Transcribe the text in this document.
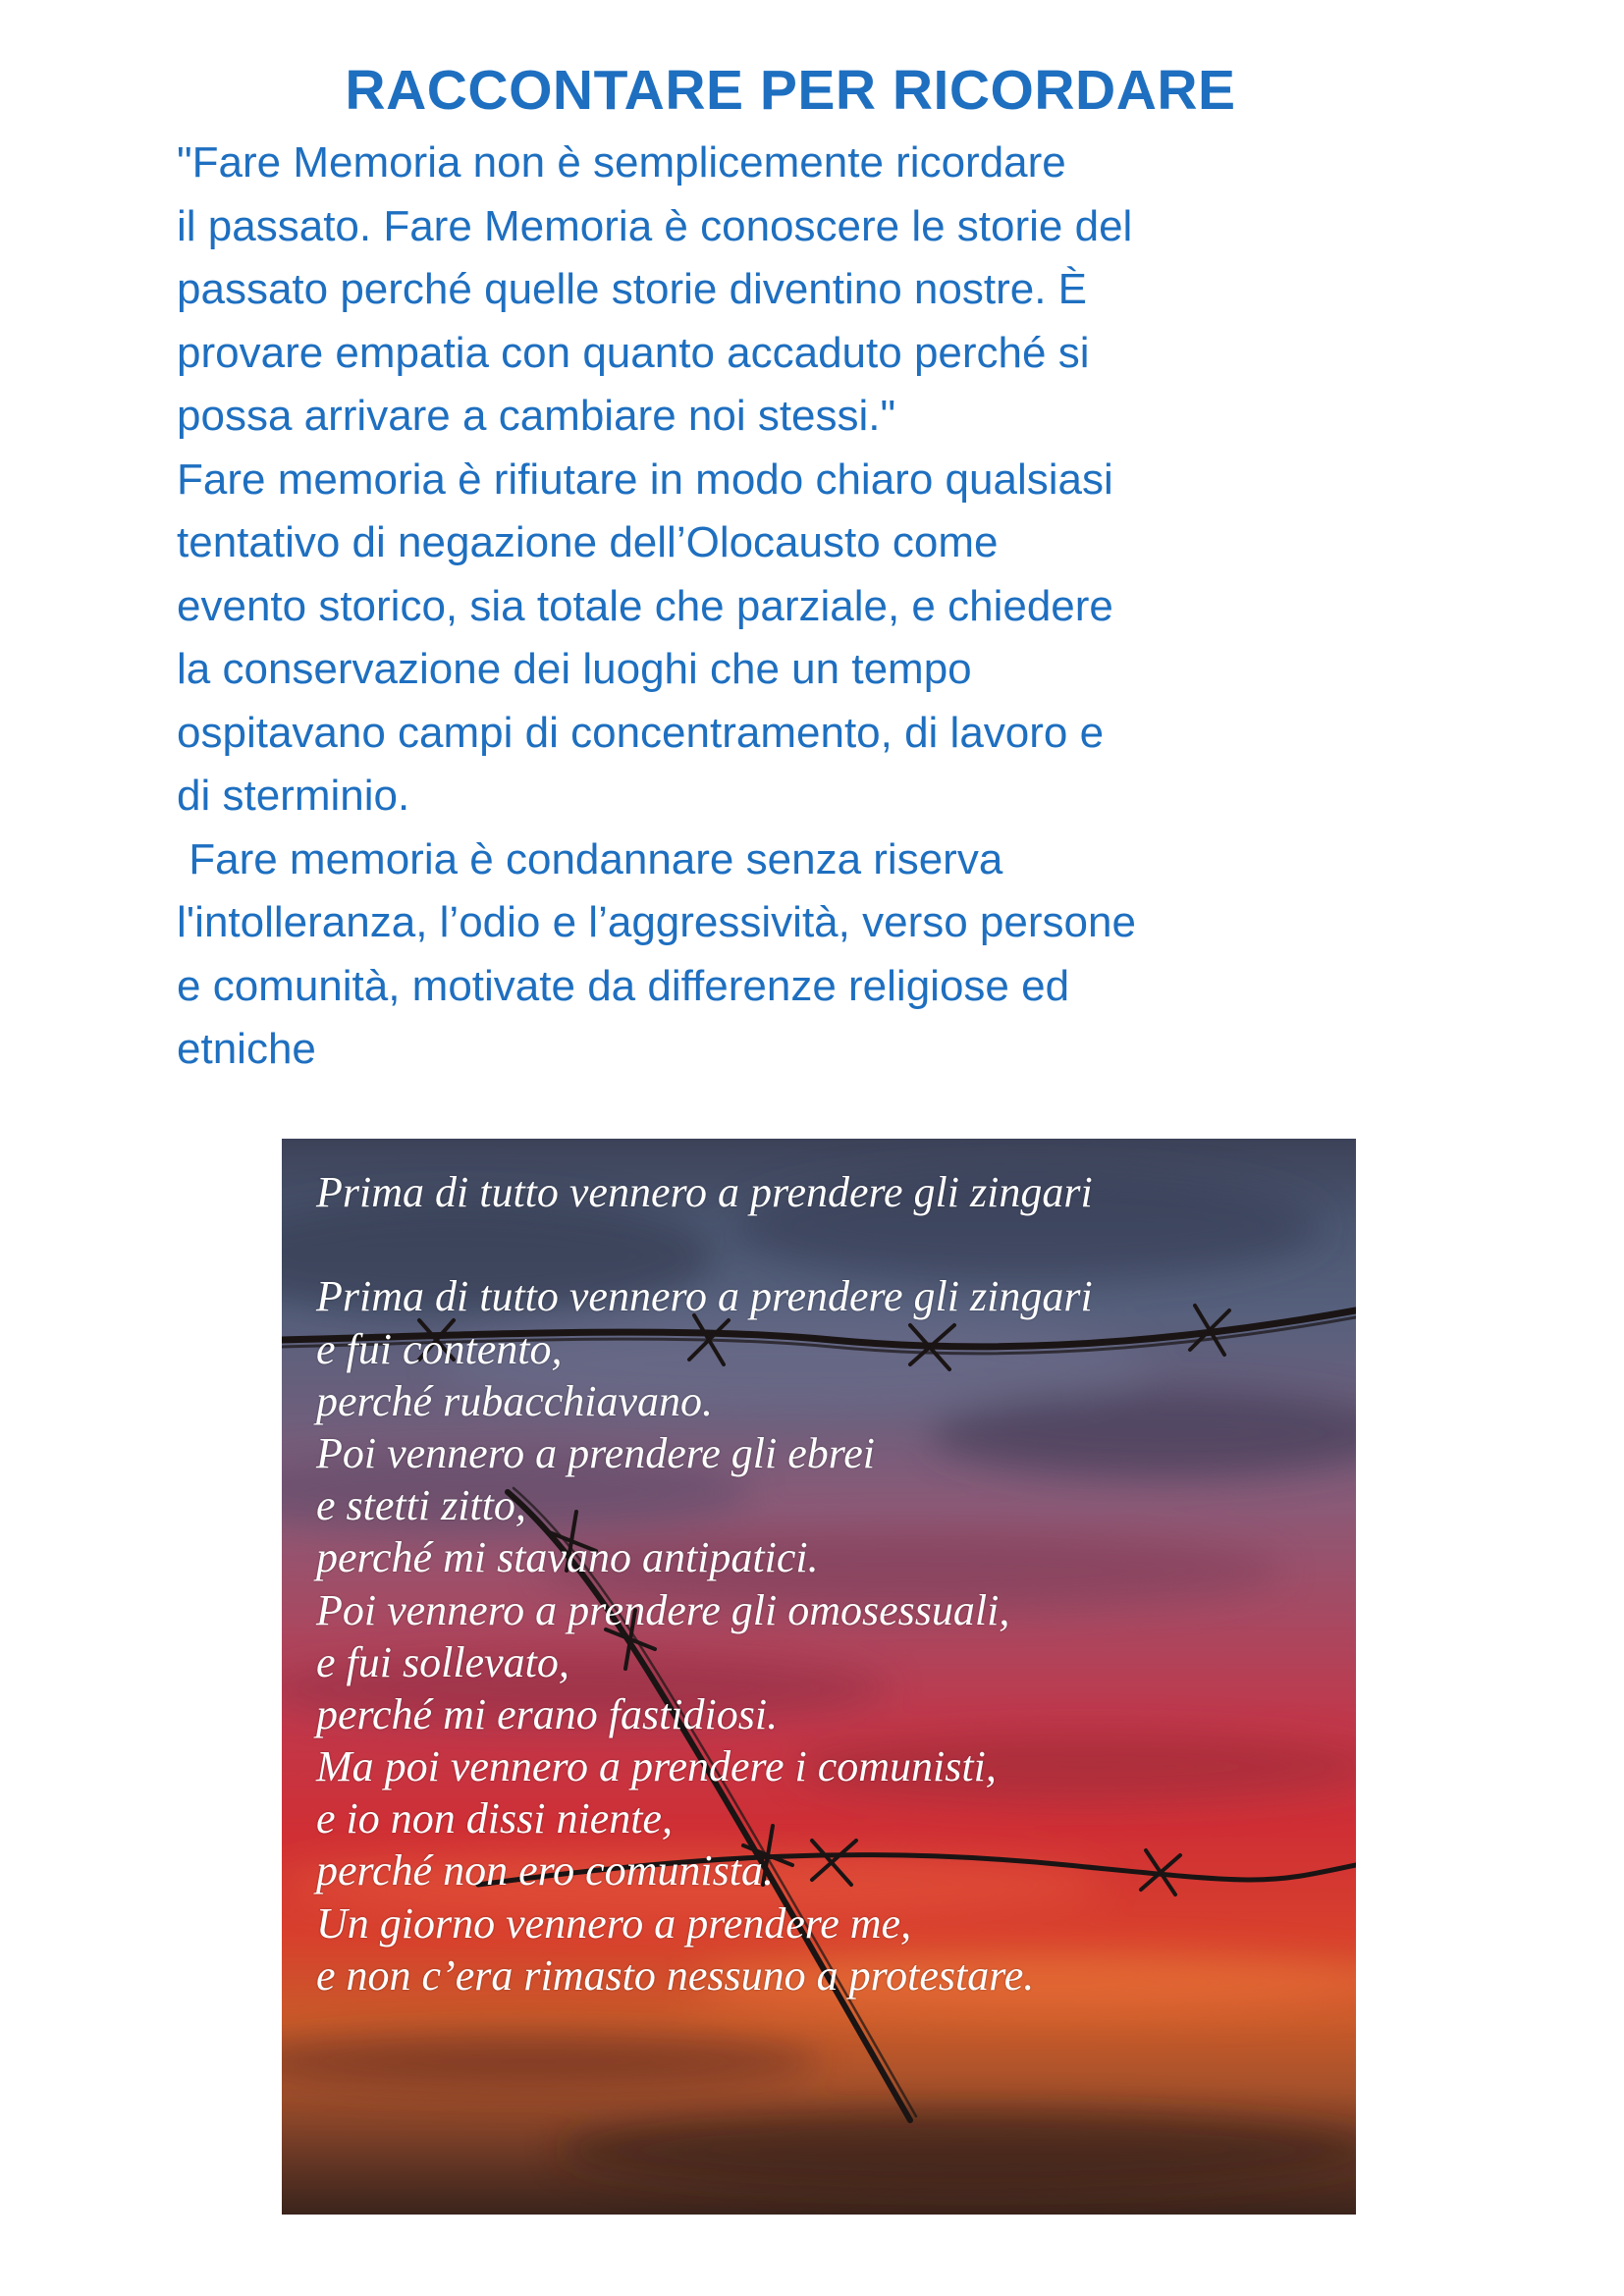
RACCONTARE PER RICORDARE
"Fare Memoria non è semplicemente ricordare
il passato. Fare Memoria è conoscere le storie del
passato perché quelle storie diventino nostre. È
provare empatia con quanto accaduto perché si
possa arrivare a cambiare noi stessi."
Fare memoria è rifiutare in modo chiaro qualsiasi
tentativo di negazione dell’Olocausto come
evento storico, sia totale che parziale, e chiedere
la conservazione dei luoghi che un tempo
ospitavano campi di concentramento, di lavoro e
di sterminio.
Fare memoria è condannare senza riserva
l'intolleranza, l’odio e l’aggressività, verso persone
e comunità, motivate da differenze religiose ed
etniche
Prima di tutto vennero a prendere gli zingari
Prima di tutto vennero a prendere gli zingari
e fui contento,
perché rubacchiavano.
Poi vennero a prendere gli ebrei
e stetti zitto,
perché mi stavano antipatici.
Poi vennero a prendere gli omosessuali,
e fui sollevato,
perché mi erano fastidiosi.
Ma poi vennero a prendere i comunisti,
e io non dissi niente,
perché non ero comunista.
Un giorno vennero a prendere me,
e non c’era rimasto nessuno a protestare.
